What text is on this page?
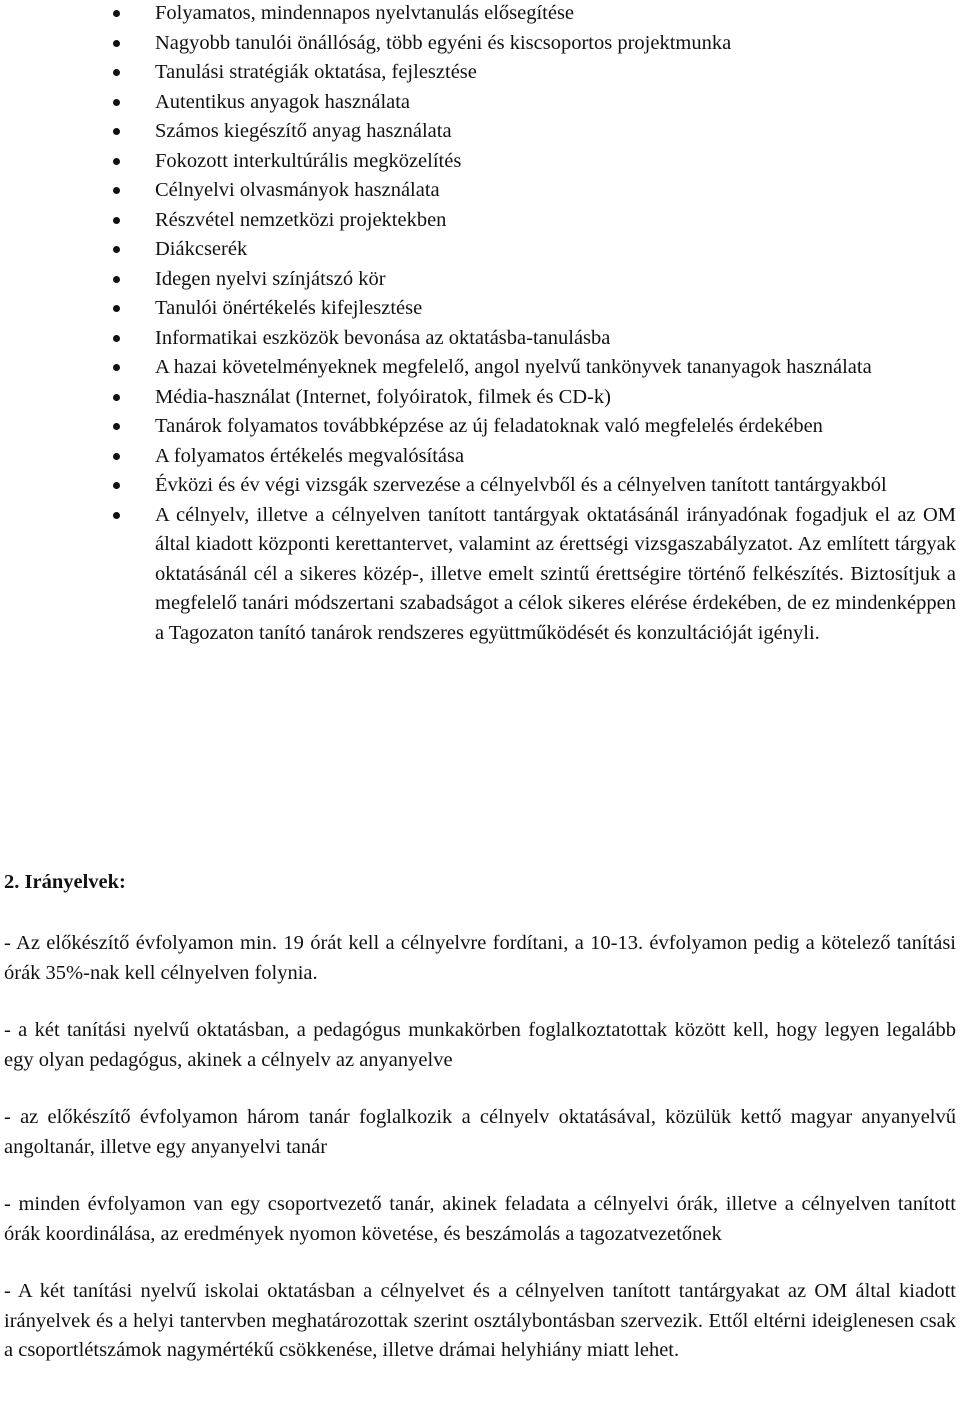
Folyamatos, mindennapos nyelvtanulás elősegítése
Nagyobb tanulói önállóság, több egyéni és kiscsoportos projektmunka
Tanulási stratégiák oktatása, fejlesztése
Autentikus anyagok használata
Számos kiegészítő anyag használata
Fokozott interkultúrális megközelítés
Célnyelvi olvasmányok használata
Részvétel nemzetközi projektekben
Diákcserék
Idegen nyelvi színjátszó kör
Tanulói önértékelés kifejlesztése
Informatikai eszközök bevonása az oktatásba-tanulásba
A hazai követelményeknek megfelelő, angol nyelvű tankönyvek tananyagok használata
Média-használat (Internet, folyóiratok, filmek és CD-k)
Tanárok folyamatos továbbképzése az új feladatoknak való megfelelés érdekében
A folyamatos értékelés megvalósítása
Évközi és év végi vizsgák szervezése a célnyelvből és a célnyelven tanított tantárgyakból
A célnyelv, illetve a célnyelven tanított tantárgyak oktatásánál irányadónak fogadjuk el az OM által kiadott központi kerettantervet, valamint az érettségi vizsgaszabályzatot. Az említett tárgyak oktatásánál cél a sikeres közép-, illetve emelt szintű érettségire történő felkészítés. Biztosítjuk a megfelelő tanári módszertani szabadságot a célok sikeres elérése érdekében, de ez mindenképpen a Tagozaton tanító tanárok rendszeres együttműködését és konzultációját igényli.
2. Irányelvek:

- Az előkészítő évfolyamon min. 19 órát kell a célnyelvre fordítani, a 10-13. évfolyamon pedig a kötelező tanítási órák 35%-nak kell célnyelven folynia.

- a két tanítási nyelvű oktatásban, a pedagógus munkakörben foglalkoztatottak között kell, hogy legyen legalább egy olyan pedagógus, akinek a célnyelv az anyanyelve

- az előkészítő évfolyamon három tanár foglalkozik a célnyelv oktatásával, közülük kettő magyar anyanyelvű angoltanár, illetve egy anyanyelvi tanár

- minden évfolyamon van egy csoportvezető tanár, akinek feladata a célnyelvi órák, illetve a célnyelven tanított órák koordinálása, az eredmények nyomon követése, és beszámolás a tagozatvezetőnek

- A két tanítási nyelvű iskolai oktatásban a célnyelvet és a célnyelven tanított tantárgyakat az OM által kiadott irányelvek és a helyi tantervben meghatározottak szerint osztálybontásban szervezik. Ettől eltérni ideiglenesen csak a csoportlétszámok nagymértékű csökkenése, illetve drámai helyhiány miatt lehet.
